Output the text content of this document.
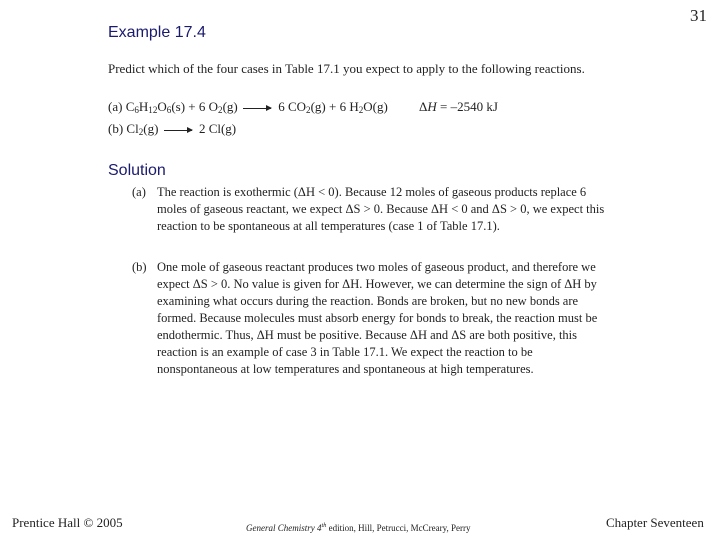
31
Example 17.4
Predict which of the four cases in Table 17.1 you expect to apply to the following reactions.
(a) $C_6H_{12}O_6(s) + 6$ $O_2(g) \to 6$ $CO_2(g) + 6$ $H_2O(g) \Delta H = -2540$ kJ
(b) $Cl_2(g) \to 2$ Cl(g)
Solution
(a) The reaction is exothermic (ΔH < 0). Because 12 moles of gaseous products replace 6 moles of gaseous reactant, we expect ΔS > 0. Because ΔH < 0 and ΔS > 0, we expect this reaction to be spontaneous at all temperatures (case 1 of Table 17.1).
(b) One mole of gaseous reactant produces two moles of gaseous product, and therefore we expect ΔS > 0. No value is given for ΔH. However, we can determine the sign of ΔH by examining what occurs during the reaction. Bonds are broken, but no new bonds are formed. Because molecules must absorb energy for bonds to break, the reaction must be endothermic. Thus, ΔH must be positive. Because ΔH and ΔS are both positive, this reaction is an example of case 3 in Table 17.1. We expect the reaction to be nonspontaneous at low temperatures and spontaneous at high temperatures.
Prentice Hall © 2005	General Chemistry 4th edition, Hill, Petrucci, McCreary, Perry	Chapter Seventeen
